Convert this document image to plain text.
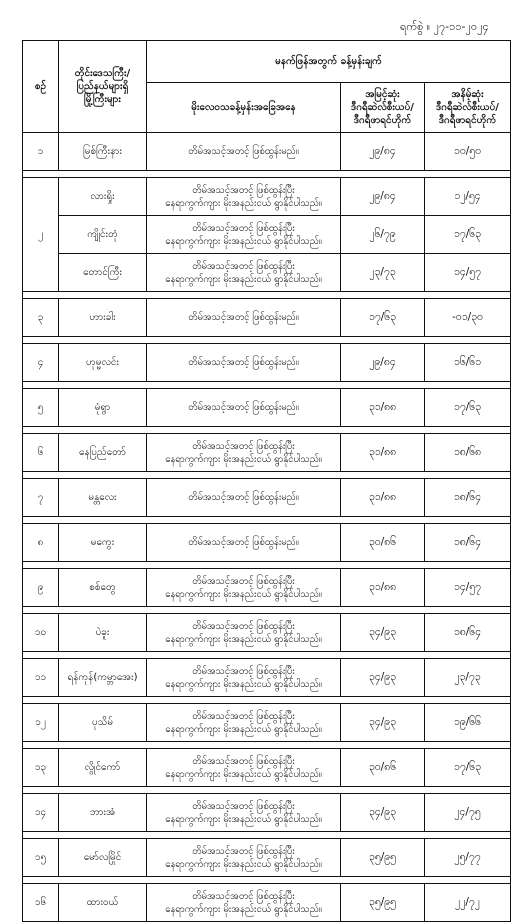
ရက်စွဲ ။ ၂၇-၁၁-၂၀၂၄
စဉ်	တိုင်းဒေသကြီး/
ပြည်နယ်များရှိ
မြို့ကြီးများ	မနက်ဖြန်အတွက် ခန့်မှန်းချက်		
		မိုးလေဝသခန့်မှန်းအခြေအနေ	အမြင့်ဆုံး
ဒီဂရီဆဲလ်စီးယပ်/
ဒီဂရီဖာရင်ဟိုက်	အနိမ့်ဆုံး
ဒီဂရီဆဲလ်စီးယပ်/
ဒီဂရီဖာရင်ဟိုက်

၁	မြစ်ကြီးနား	တိမ်အသင့်အတင့် ဖြစ်ထွန်းမည်။	၂၉/၈၄	၁၀/၅၀

၂	လားရှိုး	တိမ်အသင့်အတင့် ဖြစ်ထွန်းပြီး
နေရာကွက်ကျား မိုးအနည်းငယ် ရွာနိုင်ပါသည်။	၂၉/၈၄	၁၂/၅၄
	ကျိုင်းတုံ	တိမ်အသင့်အတင့် ဖြစ်ထွန်းပြီး
နေရာကွက်ကျား မိုးအနည်းငယ် ရွာနိုင်ပါသည်။	၂၆/၇၉	၁၇/၆၃
	တောင်ကြီး	တိမ်အသင့်အတင့် ဖြစ်ထွန်းပြီး
နေရာကွက်ကျား မိုးအနည်းငယ် ရွာနိုင်ပါသည်။	၂၃/၇၃	၁၄/၅၇

၃	ဟားခါး	တိမ်အသင့်အတင့် ဖြစ်ထွန်းမည်။	၁၇/၆၃	-၀၁/၃၀

၄	ဟုမ္မလင်း	တိမ်အသင့်အတင့် ဖြစ်ထွန်းမည်။	၂၉/၈၄	၁၆/၆၁

၅	မုံရွာ	တိမ်အသင့်အတင့် ဖြစ်ထွန်းမည်။	၃၁/၈၈	၁၇/၆၃

၆	နေပြည်တော်	တိမ်အသင့်အတင့် ဖြစ်ထွန်းပြီး
နေရာကွက်ကျား မိုးအနည်းငယ် ရွာနိုင်ပါသည်။	၃၁/၈၈	၁၈/၆၈

၇	မန္တလေး	တိမ်အသင့်အတင့် ဖြစ်ထွန်းမည်။	၃၁/၈၈	၁၈/၆၄

၈	မကွေး	တိမ်အသင့်အတင့် ဖြစ်ထွန်းမည်။	၃၀/၈၆	၁၈/၆၄

၉	စစ်တွေ	တိမ်အသင့်အတင့် ဖြစ်ထွန်းပြီး
နေရာကွက်ကျား မိုးအနည်းငယ် ရွာနိုင်ပါသည်။	၃၁/၈၈	၁၄/၅၇

၁၀	ပဲခူး	တိမ်အသင့်အတင့် ဖြစ်ထွန်းပြီး
နေရာကွက်ကျား မိုးအနည်းငယ် ရွာနိုင်ပါသည်။	၃၄/၉၃	၁၈/၆၄

၁၁	ရန်ကုန်(ကမ္ဘာအေး)	တိမ်အသင့်အတင့် ဖြစ်ထွန်းပြီး
နေရာကွက်ကျား မိုးအနည်းငယ် ရွာနိုင်ပါသည်။	၃၄/၉၃	၂၃/၇၃

၁၂	ပုသိမ်	တိမ်အသင့်အတင့် ဖြစ်ထွန်းပြီး
နေရာကွက်ကျား မိုးအနည်းငယ် ရွာနိုင်ပါသည်။	၃၄/၉၃	၁၉/၆၆

၁၃	လွိုင်ကော်	တိမ်အသင့်အတင့် ဖြစ်ထွန်းပြီး
နေရာကွက်ကျား မိုးအနည်းငယ် ရွာနိုင်ပါသည်။	၃၀/၈၆	၁၇/၆၃

၁၄	ဘားအံ	တိမ်အသင့်အတင့် ဖြစ်ထွန်းပြီး
နေရာကွက်ကျား မိုးအနည်းငယ် ရွာနိုင်ပါသည်။	၃၄/၉၃	၂၄/၇၅

၁၅	မော်လမြိုင်	တိမ်အသင့်အတင့် ဖြစ်ထွန်းပြီး
နေရာကွက်ကျား မိုးအနည်းငယ် ရွာနိုင်ပါသည်။	၃၅/၉၅	၂၅/၇၇

၁၆	ထားဝယ်	တိမ်အသင့်အတင့် ဖြစ်ထွန်းပြီး
နေရာကွက်ကျား မိုးအနည်းငယ် ရွာနိုင်ပါသည်။	၃၅/၉၅	၂၂/၇၂
